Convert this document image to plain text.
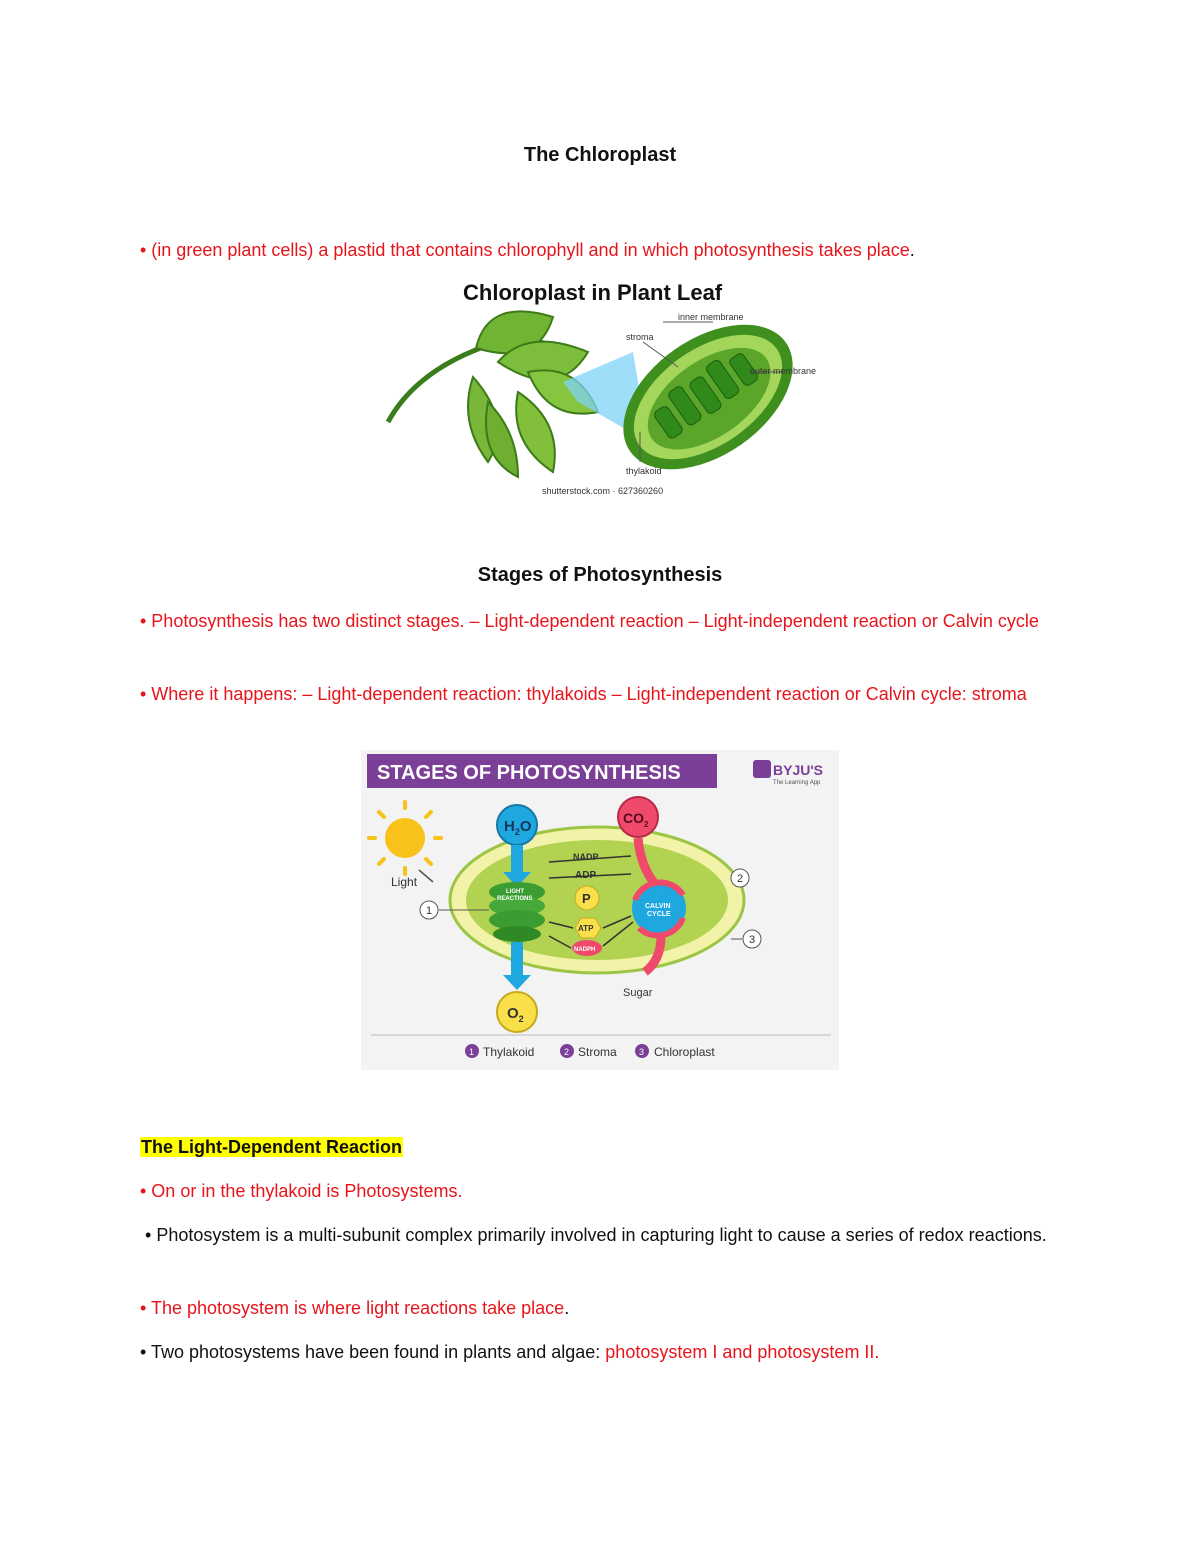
The Chloroplast
• (in green plant cells) a plastid that contains chlorophyll and in which photosynthesis takes place.
Chloroplast in Plant Leaf
inner membrane
stroma
outer membrane
thylakoid
shutterstock.com · 627360260
Stages of Photosynthesis
• Photosynthesis has two distinct stages. – Light-dependent reaction – Light-independent reaction or Calvin cycle
• Where it happens: – Light-dependent reaction: thylakoids – Light-independent reaction or Calvin cycle: stroma
STAGES OF PHOTOSYNTHESIS	BYJU'S
The Learning App
Light
$H_2O$
LIGHT
REACTIONS
$O_2$
$CO_2$
CALVIN
CYCLE
Sugar
NADP
ADP
P
ATP
NADPH
1
2
3
1 Thylakoid	2 Stroma 3 Chloroplast
The Light-Dependent Reaction
• On or in the thylakoid is Photosystems.
• Photosystem is a multi-subunit complex primarily involved in capturing light to cause a series of redox reactions.
• The photosystem is where light reactions take place.
• Two photosystems have been found in plants and algae: photosystem I and photosystem II.
